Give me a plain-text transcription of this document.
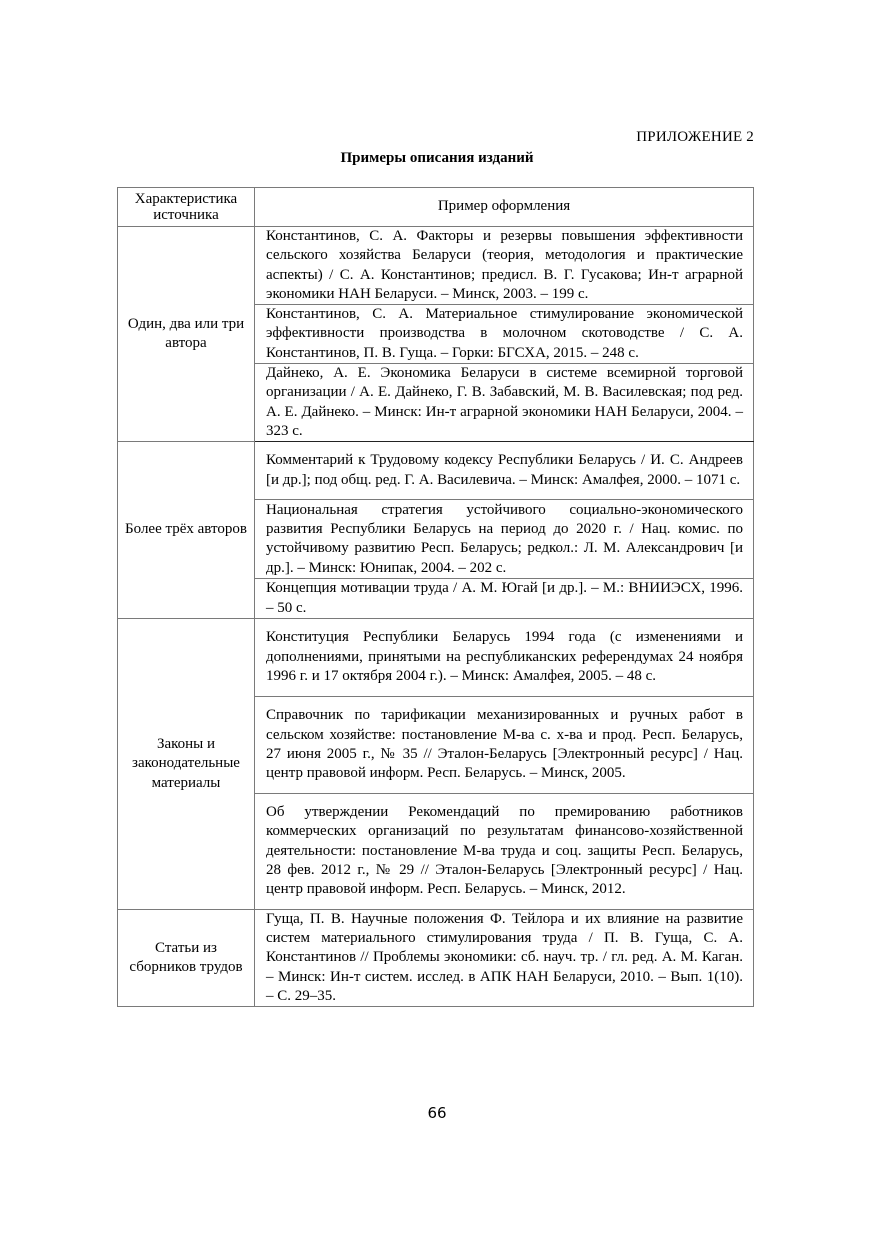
ПРИЛОЖЕНИЕ 2
Примеры описания изданий
Характеристика источника	Пример оформления
Один, два или три автора	Константинов, С. А. Факторы и резервы повышения эффективности сельского хозяйства Беларуси (теория, методология и практические аспекты) / С. А. Константинов; предисл. В. Г. Гусакова; Ин-т аграрной экономики НАН Беларуси. – Минск, 2003. – 199 с.
	Константинов, С. А. Материальное стимулирование экономической эффективности производства в молочном скотоводстве / С. А. Константинов, П. В. Гуща. – Горки: БГСХА, 2015. – 248 с.
	Дайнеко, А. Е. Экономика Беларуси в системе всемирной торговой организации / А. Е. Дайнеко, Г. В. Забавский, М. В. Василевская; под ред. А. Е. Дайнеко. – Минск: Ин-т аграрной экономики НАН Беларуси, 2004. – 323 с.
Более трёх авторов	Комментарий к Трудовому кодексу Республики Беларусь / И. С. Андреев [и др.]; под общ. ред. Г. А. Василевича. – Минск: Амалфея, 2000. – 1071 с.
	Национальная стратегия устойчивого социально-экономического развития Республики Беларусь на период до 2020 г. / Нац. комис. по устойчивому развитию Респ. Беларусь; редкол.: Л. М. Александрович [и др.]. – Минск: Юнипак, 2004. – 202 с.
	Концепция мотивации труда / А. М. Югай [и др.]. – М.: ВНИИЭСХ, 1996. – 50 с.
Законы и законодательные материалы	Конституция Республики Беларусь 1994 года (с изменениями и дополнениями, принятыми на республиканских референдумах 24 ноября 1996 г. и 17 октября 2004 г.). – Минск: Амалфея, 2005. – 48 с.
	Справочник по тарификации механизированных и ручных работ в сельском хозяйстве: постановление М-ва с. х-ва и прод. Респ. Беларусь, 27 июня 2005 г., № 35 // Эталон-Беларусь [Электронный ресурс] / Нац. центр правовой информ. Респ. Беларусь. – Минск, 2005.
	Об утверждении Рекомендаций по премированию работников коммерческих организаций по результатам финансово-хозяйственной деятельности: постановление М-ва труда и соц. защиты Респ. Беларусь, 28 фев. 2012 г., № 29 // Эталон-Беларусь [Электронный ресурс] / Нац. центр правовой информ. Респ. Беларусь. – Минск, 2012.
Статьи из сборников трудов	Гуща, П. В. Научные положения Ф. Тейлора и их влияние на развитие систем материального стимулирования труда / П. В. Гуща, С. А. Константинов // Проблемы экономики: сб. науч. тр. / гл. ред. А. М. Каган. – Минск: Ин-т систем. исслед. в АПК НАН Беларуси, 2010. – Вып. 1(10). – С. 29–35.
66
